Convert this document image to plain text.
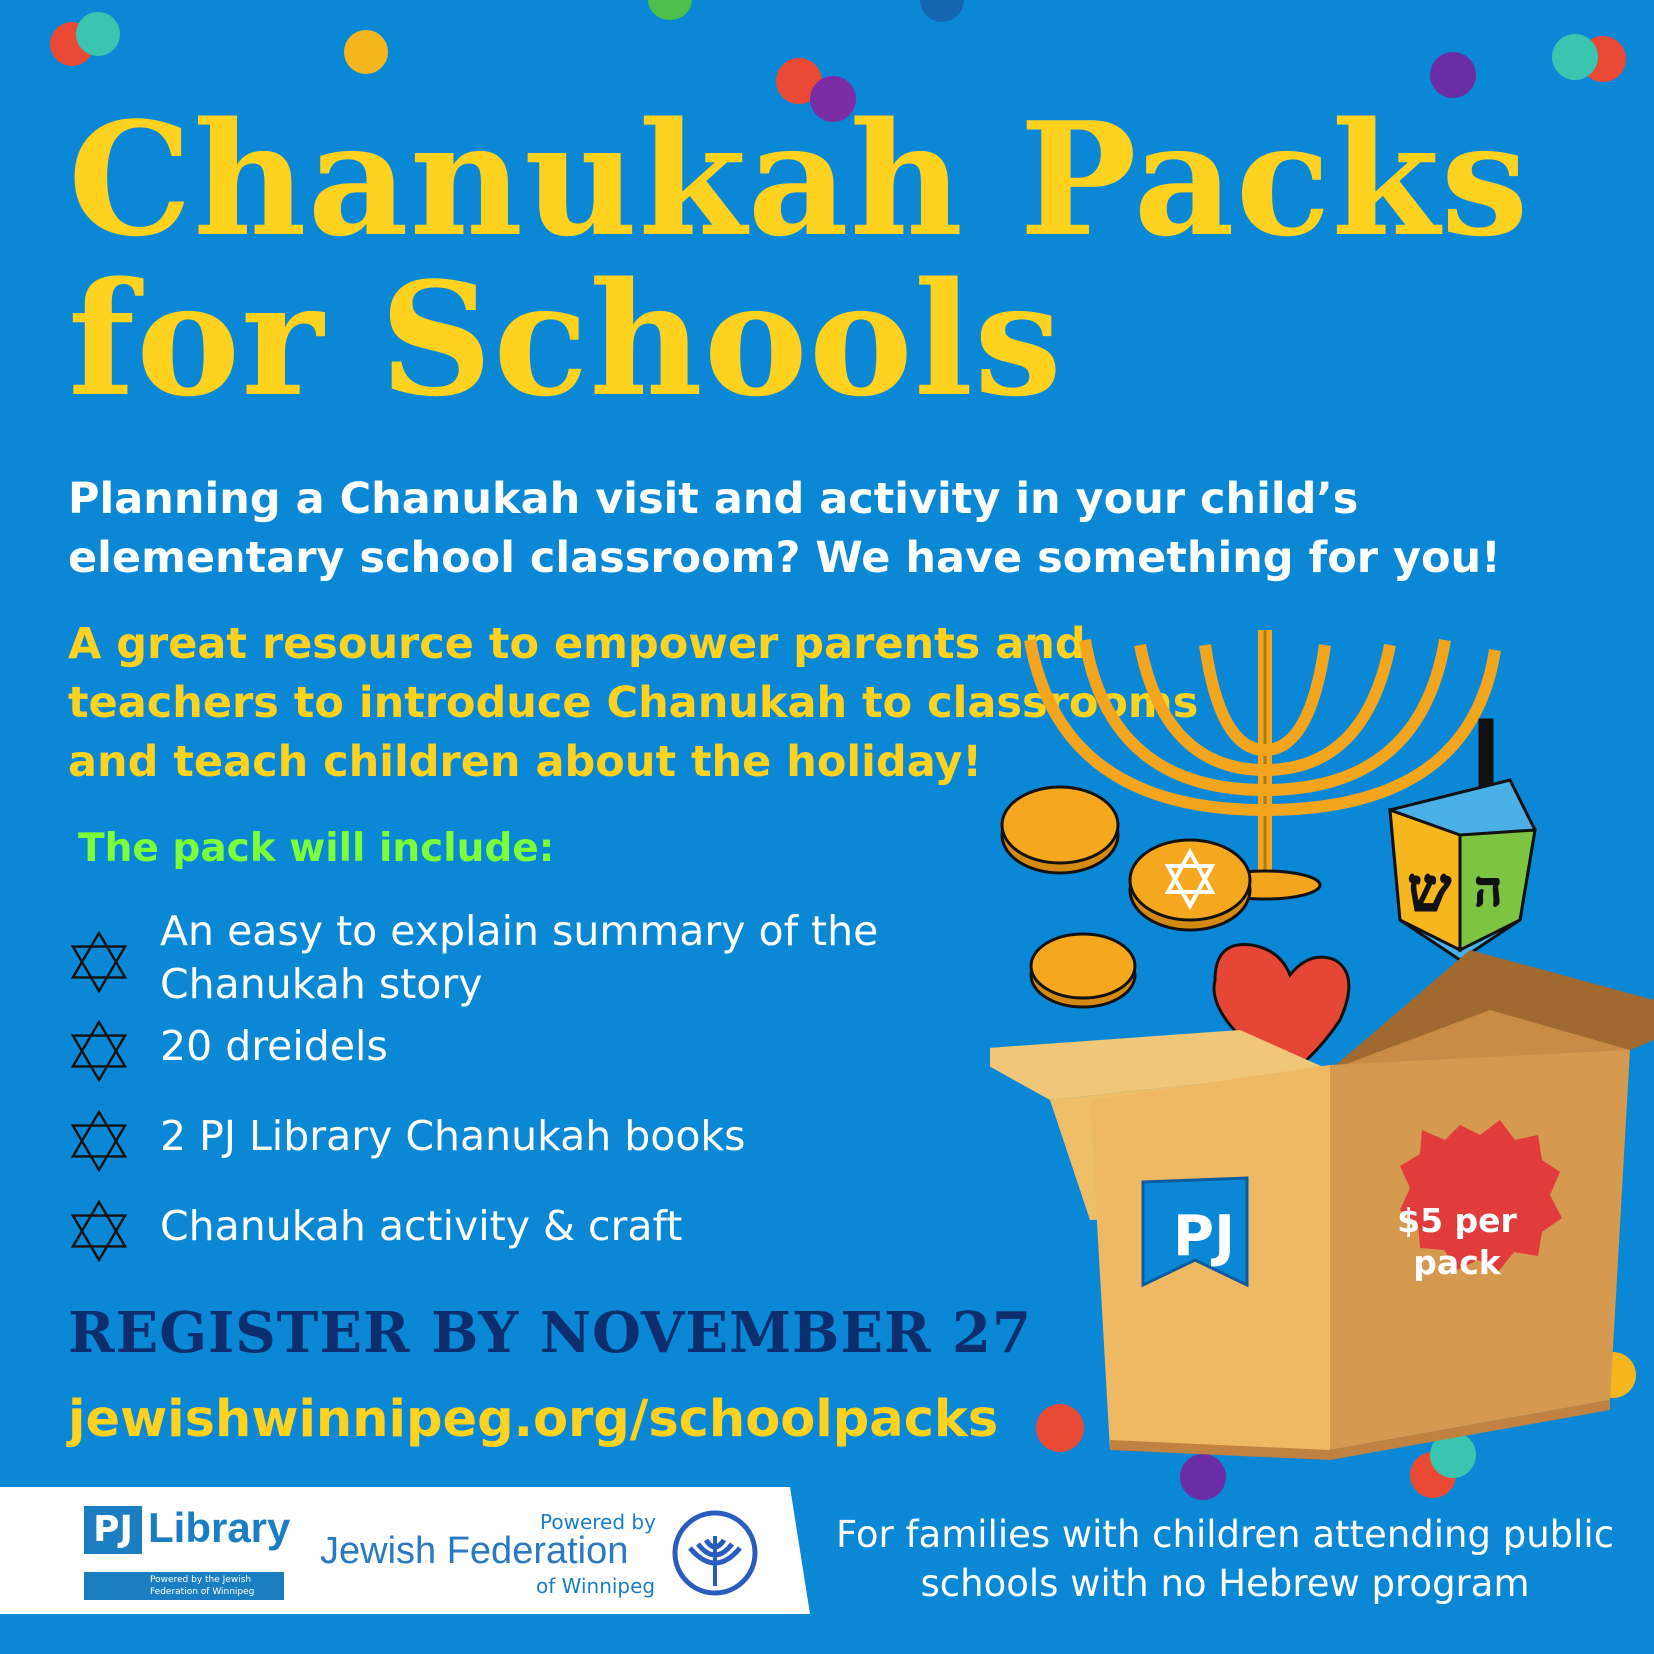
Chanukah Packs
for Schools
Planning a Chanukah visit and activity in your child’s elementary school classroom? We have something for you!
A great resource to empower parents and teachers to introduce Chanukah to classrooms and teach children about the holiday!
The pack will include:
An easy to explain summary of the Chanukah story
20 dreidels
2 PJ Library Chanukah books
Chanukah activity & craft
REGISTER BY NOVEMBER 27
jewishwinnipeg.org/schoolpacks
ש ה
PJ	$5 per pack
PJ Library
Powered by the Jewish Federation of Winnipeg
Powered by
Jewish Federation
of Winnipeg
For families with children attending public schools with no Hebrew program
